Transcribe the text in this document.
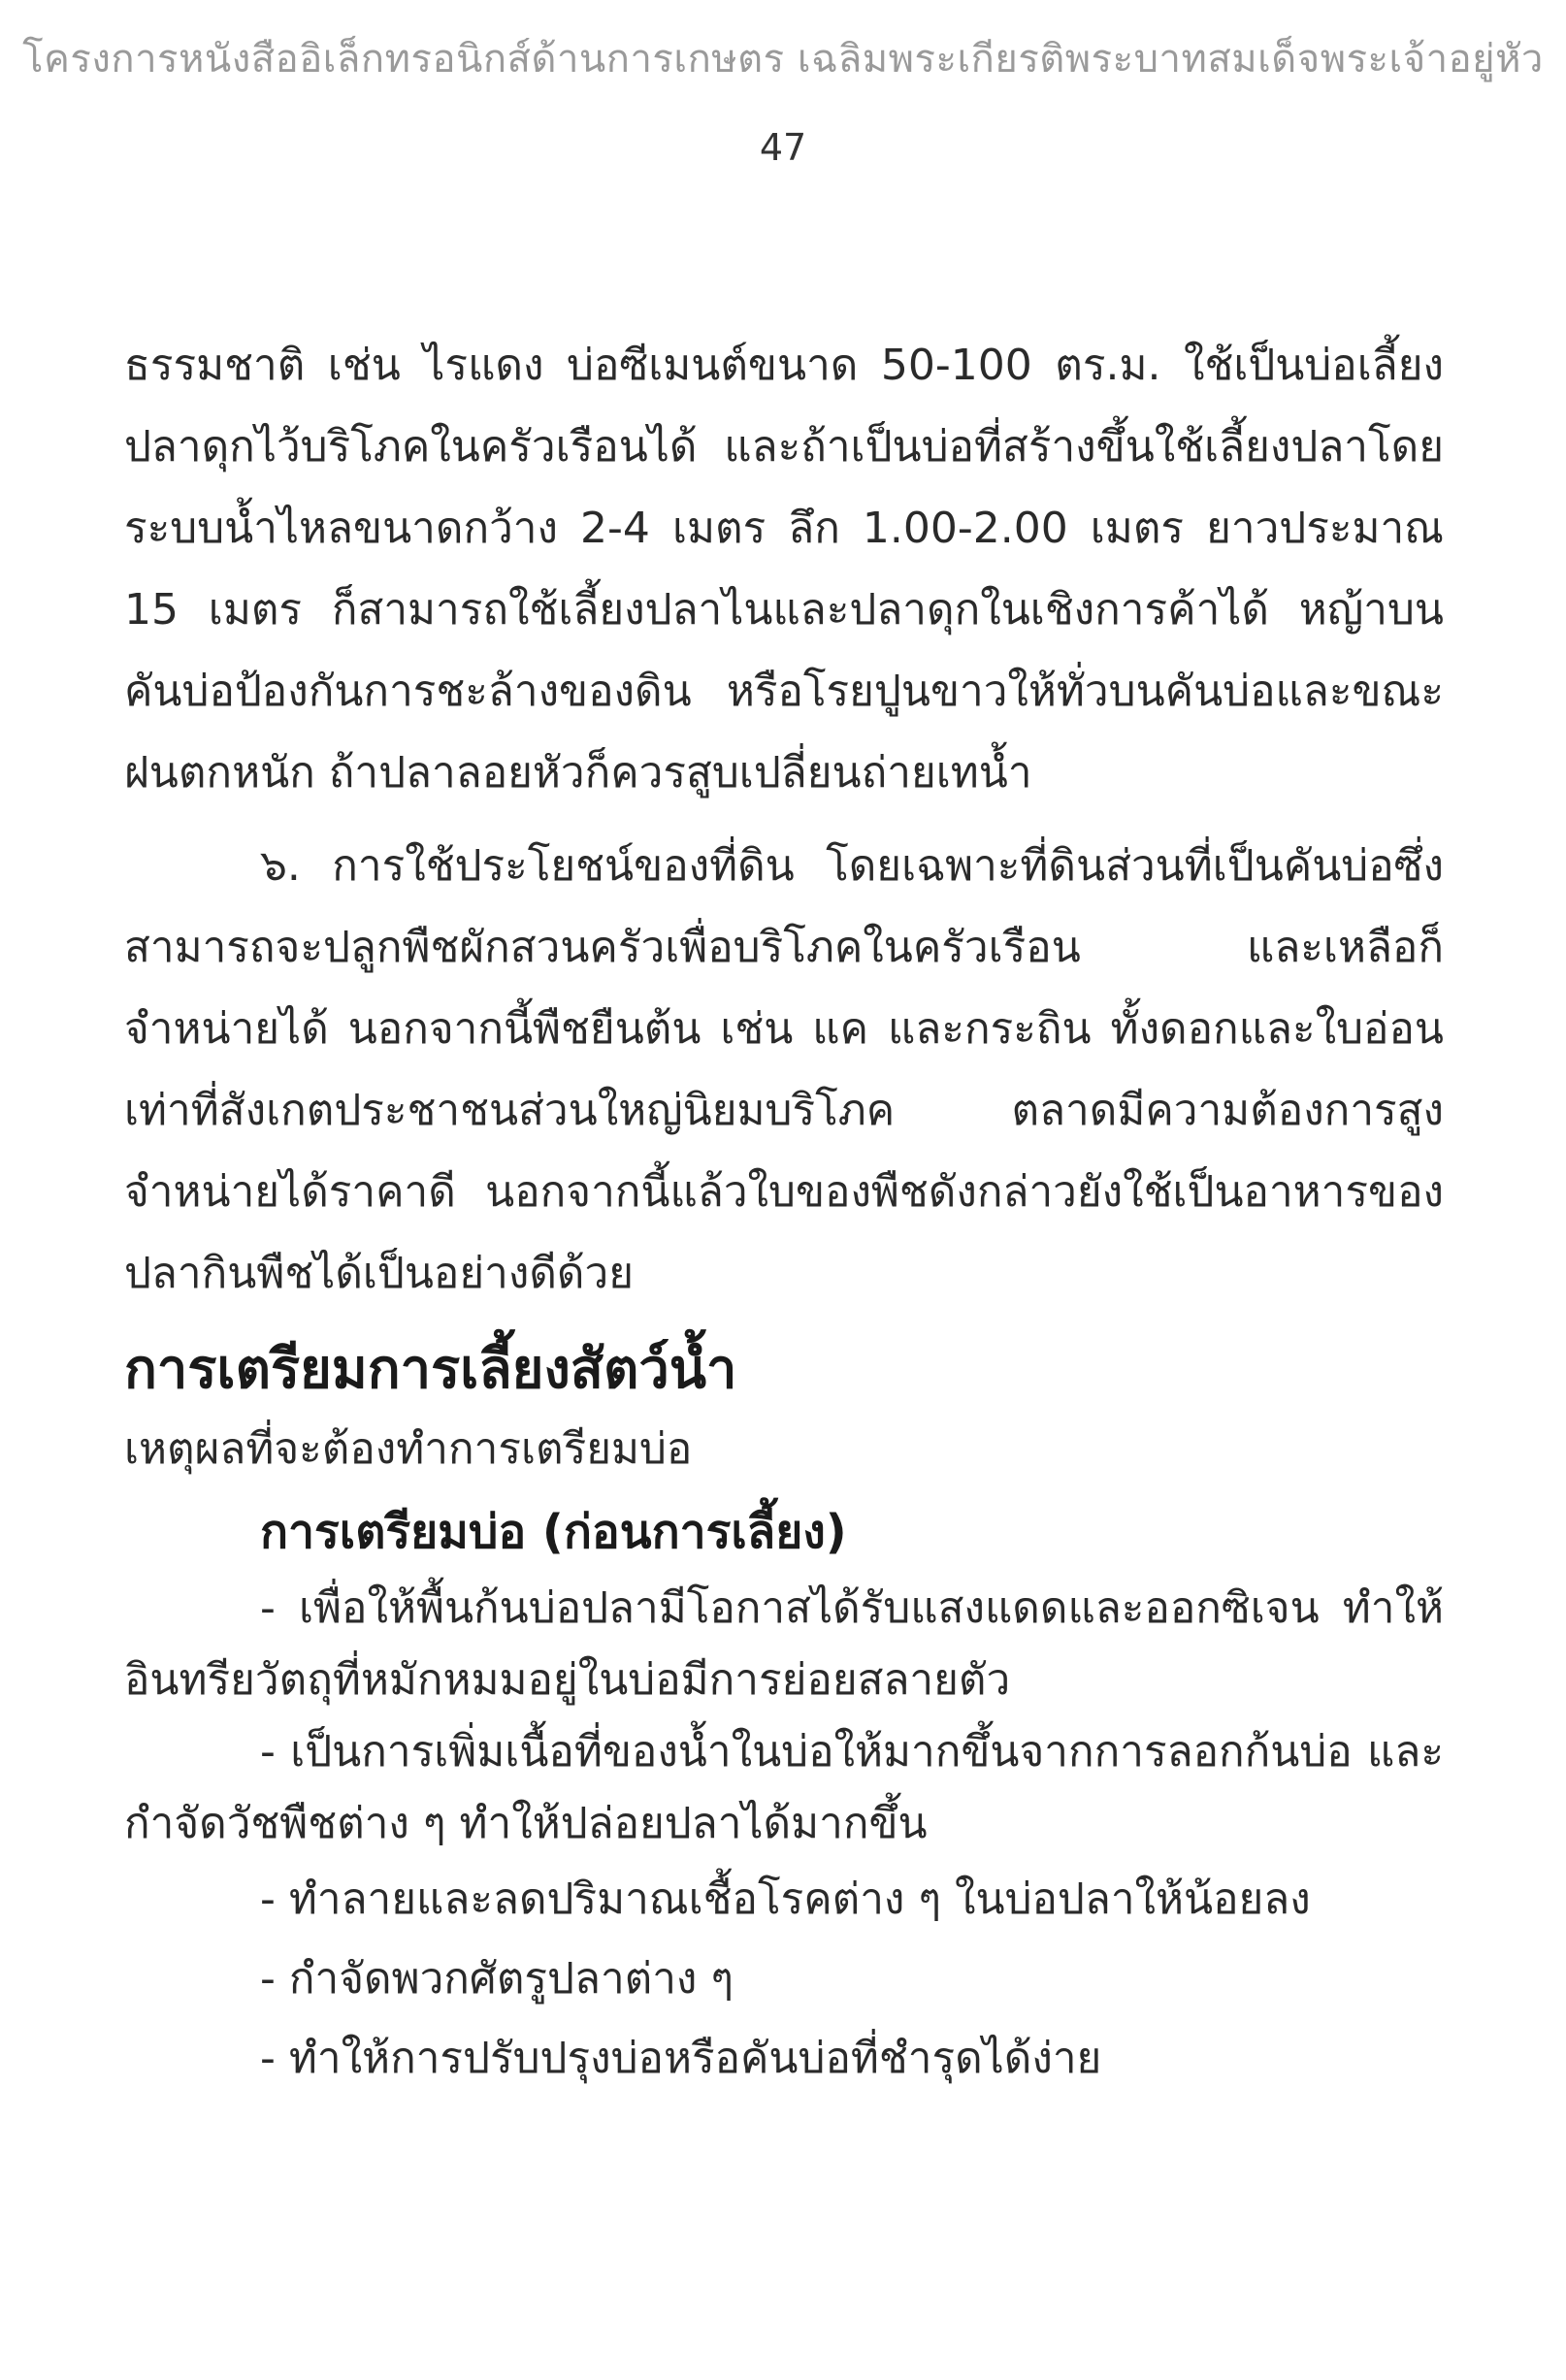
โครงการหนังสืออิเล็กทรอนิกส์ด้านการเกษตร เฉลิมพระเกียรติพระบาทสมเด็จพระเจ้าอยู่หัว
47

ธรรมชาติ เช่น ไรแดง บ่อซีเมนต์ขนาด 50-100 ตร.ม. ใช้เป็นบ่อเลี้ยงปลาดุกไว้บริโภคในครัวเรือนได้ และถ้าเป็นบ่อที่สร้างขึ้นใช้เลี้ยงปลาโดยระบบน้ำไหลขนาดกว้าง 2-4 เมตร ลึก 1.00-2.00 เมตร ยาวประมาณ 15 เมตร ก็สามารถใช้เลี้ยงปลาไนและปลาดุกในเชิงการค้าได้ หญ้าบนคันบ่อป้องกันการชะล้างของดิน หรือโรยปูนขาวให้ทั่วบนคันบ่อและขณะฝนตกหนัก ถ้าปลาลอยหัวก็ควรสูบเปลี่ยนถ่ายเทน้ำ

๖. การใช้ประโยชน์ของที่ดิน โดยเฉพาะที่ดินส่วนที่เป็นคันบ่อซึ่งสามารถจะปลูกพืชผักสวนครัวเพื่อบริโภคในครัวเรือน และเหลือก็จำหน่ายได้ นอกจากนี้พืชยืนต้น เช่น แค และกระถิน ทั้งดอกและใบอ่อนเท่าที่สังเกตประชาชนส่วนใหญ่นิยมบริโภค ตลาดมีความต้องการสูง จำหน่ายได้ราคาดี นอกจากนี้แล้วใบของพืชดังกล่าวยังใช้เป็นอาหารของปลากินพืชได้เป็นอย่างดีด้วย

การเตรียมการเลี้ยงสัตว์น้ำ

เหตุผลที่จะต้องทำการเตรียมบ่อ

การเตรียมบ่อ (ก่อนการเลี้ยง)

- เพื่อให้พื้นก้นบ่อปลามีโอกาสได้รับแสงแดดและออกซิเจน ทำให้อินทรียวัตถุที่หมักหมมอยู่ในบ่อมีการย่อยสลายตัว

- เป็นการเพิ่มเนื้อที่ของน้ำในบ่อให้มากขึ้นจากการลอกก้นบ่อ และกำจัดวัชพืชต่าง ๆ ทำให้ปล่อยปลาได้มากขึ้น

- ทำลายและลดปริมาณเชื้อโรคต่าง ๆ ในบ่อปลาให้น้อยลง

- กำจัดพวกศัตรูปลาต่าง ๆ

- ทำให้การปรับปรุงบ่อหรือคันบ่อที่ชำรุดได้ง่าย
